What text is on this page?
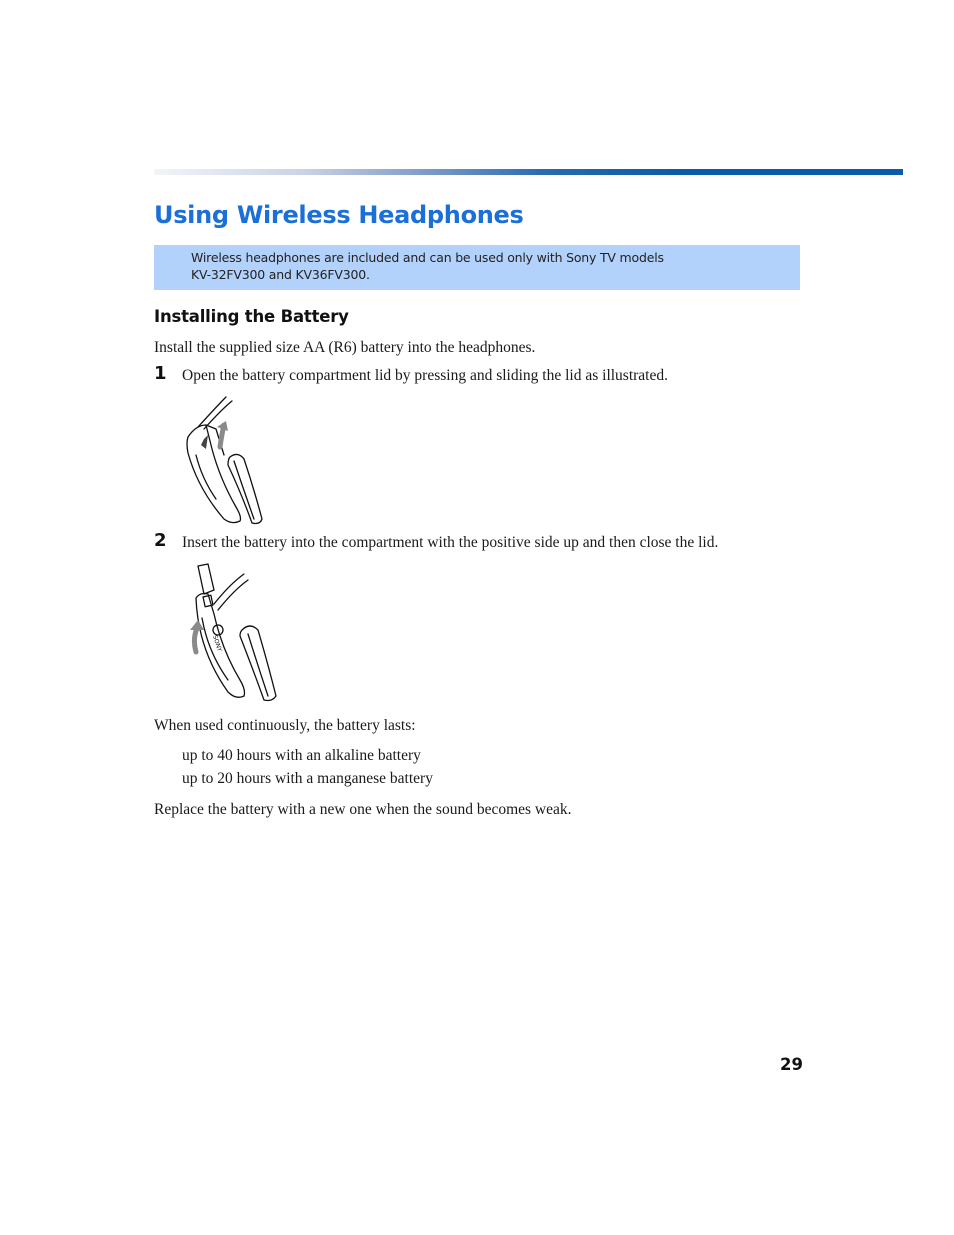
Using Wireless Headphones
Wireless headphones are included and can be used only with Sony TV models
KV-32FV300 and KV36FV300.
Installing the Battery

Install the supplied size AA (R6) battery into the headphones.

1 Open the battery compartment lid by pressing and sliding the lid as illustrated.

2 Insert the battery into the compartment with the positive side up and then close the lid.

SONY

When used continuously, the battery lasts:

up to 40 hours with an alkaline battery

up to 20 hours with a manganese battery

Replace the battery with a new one when the sound becomes weak.

29
